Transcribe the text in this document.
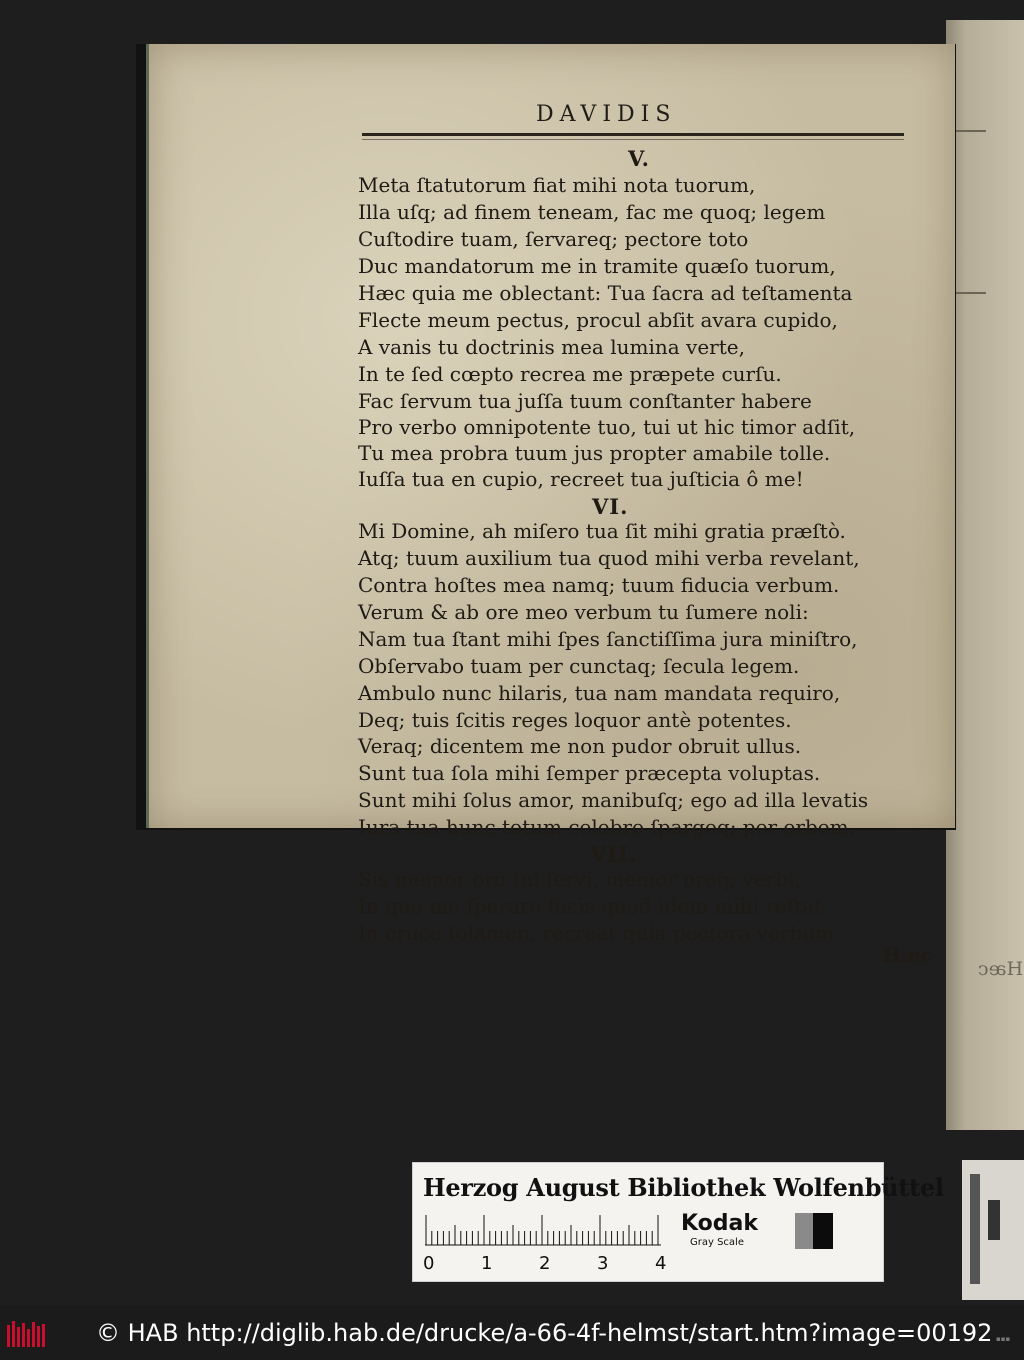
Hæc
DAVIDIS
V.
Meta ſtatutorum fiat mihi nota tuorum,
Illa uſq; ad finem teneam, fac me quoq; legem
Cuſtodire tuam, ſervareq; pectore toto
Duc mandatorum me in tramite quæſo tuorum,
Hæc quia me oblectant: Tua ſacra ad teſtamenta
Flecte meum pectus, procul abſit avara cupido,
A vanis tu doctrinis mea lumina verte,
In te ſed cœpto recrea me præpete curſu.
Fac ſervum tua juſſa tuum conſtanter habere
Pro verbo omnipotente tuo, tui ut hic timor adſit,
Tu mea probra tuum jus propter amabile tolle.
Iuſſa tua en cupio, recreet tua juſticia ô me!
VI.
Mi Domine, ah miſero tua ſit mihi gratia præſtò.
Atq; tuum auxilium tua quod mihi verba revelant,
Contra hoſtes mea namq; tuum fiducia verbum.
Verum & ab ore meo verbum tu ſumere noli:
Nam tua ſtant mihi ſpes ſanctiſſima jura miniſtro,
Obſervabo tuam per cunctaq; ſecula legem.
Ambulo nunc hilaris, tua nam mandata requiro,
Deq; tuis ſcitis reges loquor antè potentes.
Veraq; dicentem me non pudor obruit ullus.
Sunt tua ſola mihi ſemper præcepta voluptas.
Sunt mihi ſolus amor, manibuſq; ego ad illa levatis
Iura tua hunc totum celebro ſpargoq; per orbem.
VII.
Sis memor oro tui ſervi, memor oroq; verbi,
In quo me ſperare facis quod idem mihi reſtat
In cruce ſolamen, recreat quia pectora verbum
Hæc
Herzog August Bibliothek Wolfenbüttel
0	1	2	3	4
Kodak
Gray Scale
© HAB http://diglib.hab.de/drucke/a-66-4f-helmst/start.htm?image=00192 ▪▪▪
